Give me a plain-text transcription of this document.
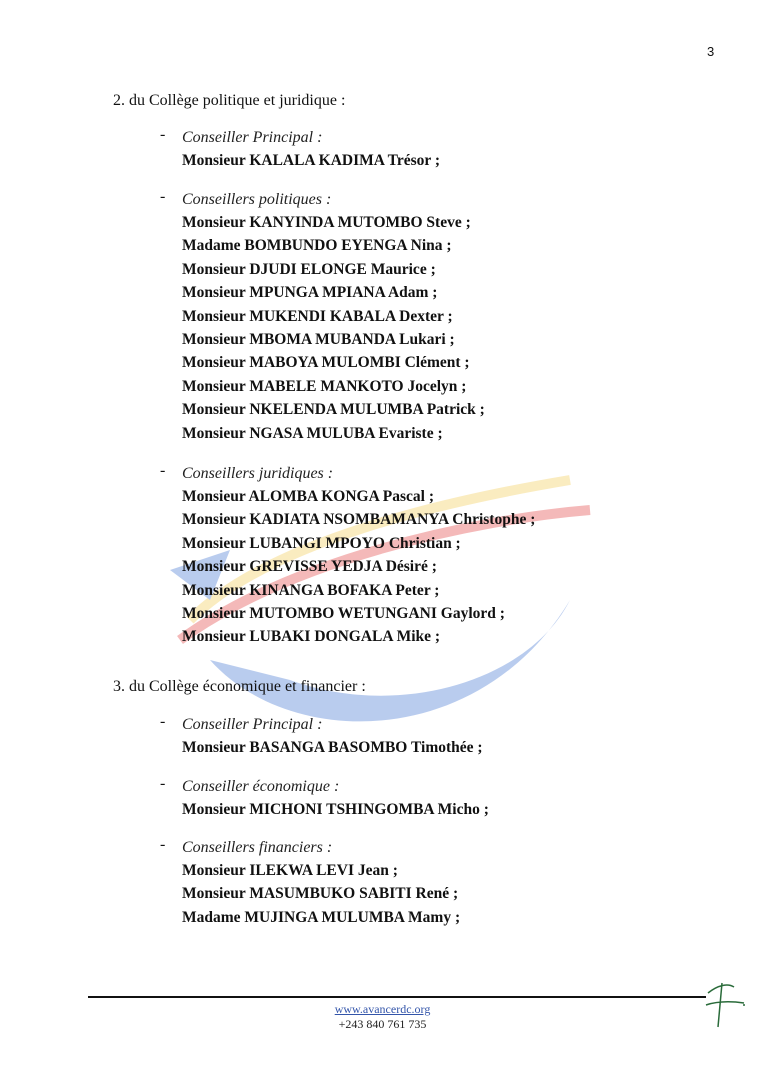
3
2. du Collège politique et juridique :
- Conseiller Principal :
Monsieur KALALA KADIMA Trésor ;
- Conseillers politiques :
Monsieur KANYINDA MUTOMBO Steve ;
Madame BOMBUNDO EYENGA Nina ;
Monsieur DJUDI ELONGE Maurice ;
Monsieur MPUNGA MPIANA Adam ;
Monsieur MUKENDI KABALA Dexter ;
Monsieur MBOMA MUBANDA Lukari ;
Monsieur MABOYA MULOMBI Clément ;
Monsieur MABELE MANKOTO Jocelyn ;
Monsieur NKELENDA MULUMBA Patrick ;
Monsieur NGASA MULUBA Evariste ;
- Conseillers juridiques :
Monsieur ALOMBA KONGA Pascal ;
Monsieur KADIATA NSOMBAMANYA Christophe ;
Monsieur LUBANGI MPOYO Christian ;
Monsieur GREVISSE YEDJA Désiré ;
Monsieur KINANGA BOFAKA Peter ;
Monsieur MUTOMBO WETUNGANI Gaylord ;
Monsieur LUBAKI DONGALA Mike ;
3. du Collège économique et financier :
- Conseiller Principal :
Monsieur BASANGA BASOMBO Timothée ;
- Conseiller économique :
Monsieur MICHONI TSHINGOMBA Micho ;
- Conseillers financiers :
Monsieur ILEKWA LEVI Jean ;
Monsieur MASUMBUKO SABITI René ;
Madame MUJINGA MULUMBA Mamy ;
www.avancerdc.org
+243 840 761 735
